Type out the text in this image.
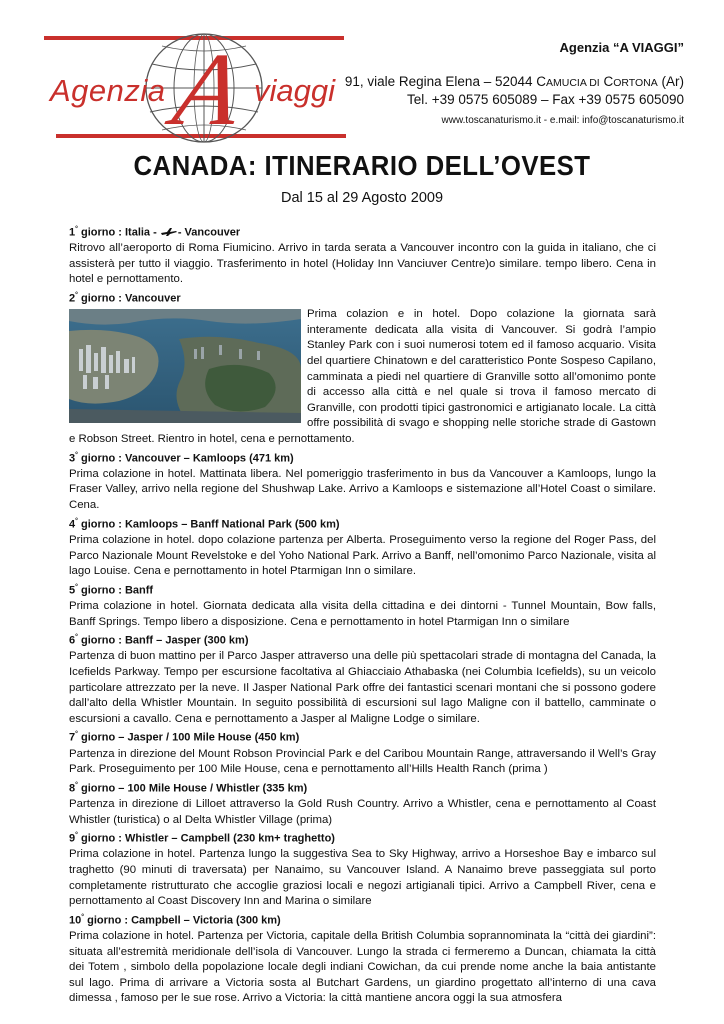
Agenzia A viaggi
Agenzia “A VIAGGI”
91, viale Regina Elena – 52044 CAMUCIA DI CORTONA (Ar)
Tel. +39 0575 605089 – Fax +39 0575 605090
www.toscanaturismo.it - e.mail: info@toscanaturismo.it
CANADA: ITINERARIO DELL’OVEST
Dal 15 al 29 Agosto 2009

1° giorno : Italia - - Vancouver

Ritrovo all’aeroporto di Roma Fiumicino. Arrivo in tarda serata a Vancouver incontro con la guida in italiano, che ci assisterà per tutto il viaggio. Trasferimento in hotel (Holiday Inn Vanciuver Centre)o similare. tempo libero. Cena in hotel e pernottamento.

2° giorno : Vancouver

Prima colazion e in hotel. Dopo colazione la giornata sarà interamente dedicata alla visita di Vancouver. Si godrà l’ampio Stanley Park con i suoi numerosi totem ed il famoso acquario. Visita del quartiere Chinatown e del caratteristico Ponte Sospeso Capilano, camminata a piedi nel quartiere di Granville sotto all’omonimo ponte di accesso alla città e nel quale si trova il famoso mercato di Granville, con prodotti tipici gastronomici e artigianato locale. La città offre possibilità di svago e shopping nelle storiche strade di Gastown e Robson Street. Rientro in hotel, cena e pernottamento.

3° giorno : Vancouver – Kamloops (471 km)

Prima colazione in hotel. Mattinata libera. Nel pomeriggio trasferimento in bus da Vancouver a Kamloops, lungo la Fraser Valley, arrivo nella regione del Shushwap Lake. Arrivo a Kamloops e sistemazione all’Hotel Coast o similare. Cena.

4° giorno : Kamloops – Banff National Park (500 km)

Prima colazione in hotel. dopo colazione partenza per Alberta. Proseguimento verso la regione del Roger Pass, del Parco Nazionale Mount Revelstoke e del Yoho National Park. Arrivo a Banff, nell’omonimo Parco Nazionale, visita al lago Louise. Cena e pernottamento in hotel Ptarmigan Inn o similare.

5° giorno : Banff

Prima colazione in hotel. Giornata dedicata alla visita della cittadina e dei dintorni - Tunnel Mountain, Bow falls, Banff Springs. Tempo libero a disposizione. Cena e pernottamento in hotel Ptarmigan Inn o similare

6° giorno : Banff – Jasper (300 km)

Partenza di buon mattino per il Parco Jasper attraverso una delle più spettacolari strade di montagna del Canada, la Icefields Parkway. Tempo per escursione facoltativa al Ghiacciaio Athabaska (nei Columbia Icefields), su un veicolo particolare attrezzato per la neve. Il Jasper National Park offre dei fantastici scenari montani che si possono godere dall’alto della Whistler Mountain. In seguito possibilità di escursioni sul lago Maligne con il battello, camminate o escursioni a cavallo. Cena e pernottamento a Jasper al Maligne Lodge o similare.

7° giorno – Jasper / 100 Mile House (450 km)

Partenza in direzione del Mount Robson Provincial Park e del Caribou Mountain Range, attraversando il Well’s Gray Park. Proseguimento per 100 Mile House, cena e pernottamento all’Hills Health Ranch (prima )

8° giorno – 100 Mile House / Whistler (335 km)

Partenza in direzione di Lilloet attraverso la Gold Rush Country. Arrivo a Whistler, cena e pernottamento al Coast Whistler (turistica) o al Delta Whistler Village (prima)

9° giorno : Whistler – Campbell (230 km+ traghetto)

Prima colazione in hotel. Partenza lungo la suggestiva Sea to Sky Highway, arrivo a Horseshoe Bay e imbarco sul traghetto (90 minuti di traversata) per Nanaimo, su Vancouver Island. A Nanaimo breve passeggiata sul porto completamente ristrutturato che accoglie graziosi locali e negozi artigianali tipici. Arrivo a Campbell River, cena e pernottamento al Coast Discovery Inn and Marina o similare

10° giorno : Campbell – Victoria (300 km)

Prima colazione in hotel. Partenza per Victoria, capitale della British Columbia soprannominata la “città dei giardini”: situata all’estremità meridionale dell’isola di Vancouver. Lungo la strada ci fermeremo a Duncan, chiamata la città dei Totem , simbolo della popolazione locale degli indiani Cowichan, da cui prende nome anche la baia antistante sul lago. Prima di arrivare a Victoria sosta al Butchart Gardens, un giardino progettato all’interno di una cava dimessa , famoso per le sue rose. Arrivo a Victoria: la città mantiene ancora oggi la sua atmosfera
